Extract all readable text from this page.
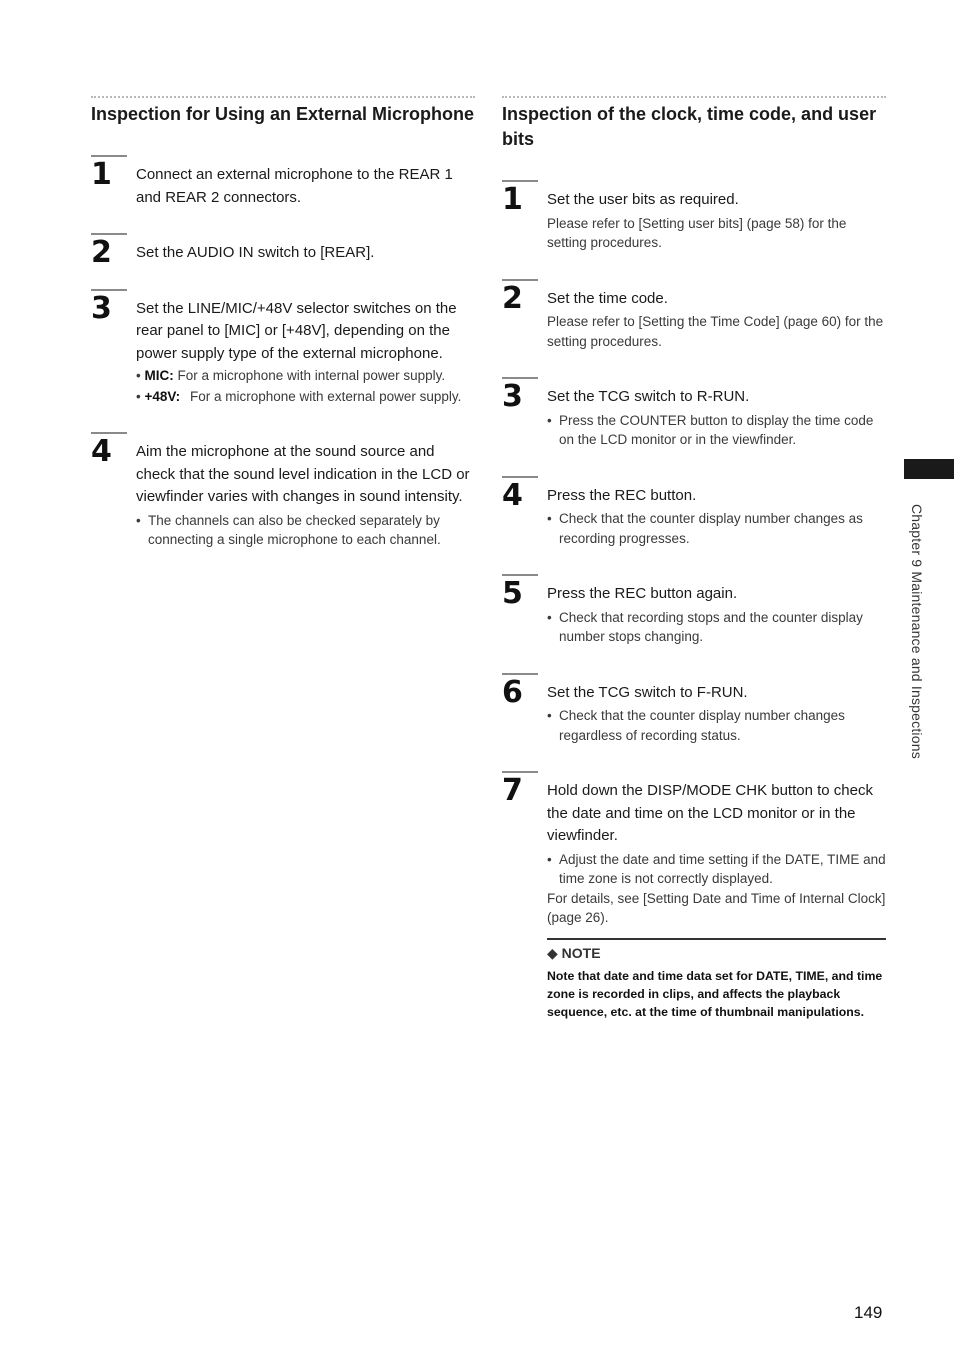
Inspection for Using an External Microphone
1 Connect an external microphone to the REAR 1 and REAR 2 connectors.
2 Set the AUDIO IN switch to [REAR].
3 Set the LINE/MIC/+48V selector switches on the rear panel to [MIC] or [+48V], depending on the power supply type of the external microphone.
• MIC: For a microphone with internal power supply.
• +48V: For a microphone with external power supply.
4 Aim the microphone at the sound source and check that the sound level indication in the LCD or viewfinder varies with changes in sound intensity.
• The channels can also be checked separately by connecting a single microphone to each channel.
Inspection of the clock, time code, and user bits
1 Set the user bits as required.
Please refer to [Setting user bits] (page 58) for the setting procedures.
2 Set the time code.
Please refer to [Setting the Time Code] (page 60) for the setting procedures.
3 Set the TCG switch to R-RUN.
• Press the COUNTER button to display the time code on the LCD monitor or in the viewfinder.
4 Press the REC button.
• Check that the counter display number changes as recording progresses.
5 Press the REC button again.
• Check that recording stops and the counter display number stops changing.
6 Set the TCG switch to F-RUN.
• Check that the counter display number changes regardless of recording status.
7 Hold down the DISP/MODE CHK button to check the date and time on the LCD monitor or in the viewfinder.
• Adjust the date and time setting if the DATE, TIME and time zone is not correctly displayed.
For details, see [Setting Date and Time of Internal Clock] (page 26).
◆ NOTE
Note that date and time data set for DATE, TIME, and time zone is recorded in clips, and affects the playback sequence, etc. at the time of thumbnail manipulations.
Chapter 9 Maintenance and Inspections
149
